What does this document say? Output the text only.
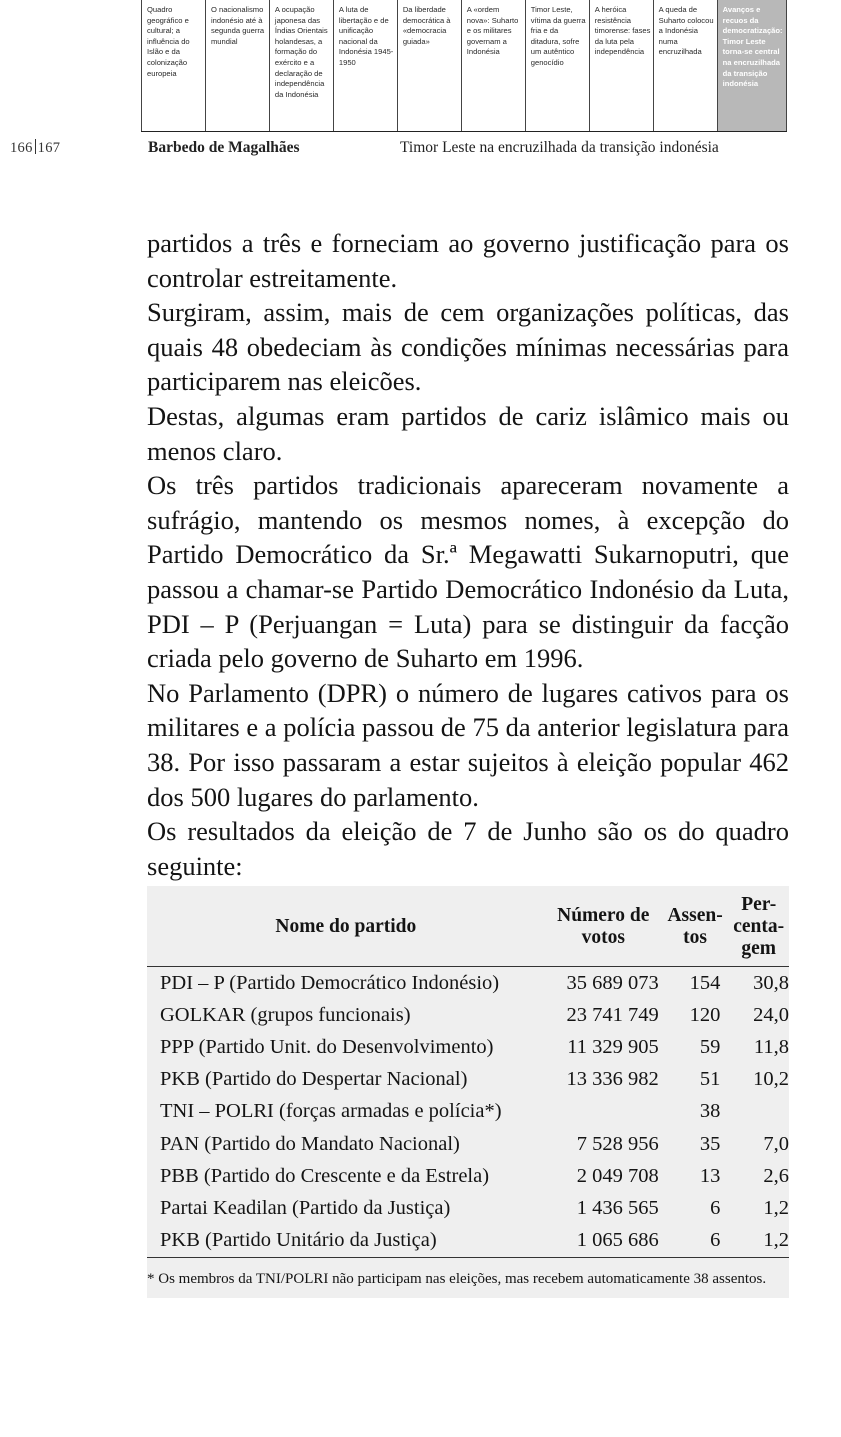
Quadro geográfico e cultural; a influência do Islão e da colonização europeia
O nacionalismo indonésio até à segunda guerra mundial
A ocupação japonesa das Índias Orientais holandesas, a formação do exército e a declaração de independência da Indonésia
A luta de libertação e de unificação nacional da Indonésia 1945-1950
Da liberdade democrática à «democracia guiada»
A «ordem nova»: Suharto e os militares governam a Indonésia
Timor Leste, vítima da guerra fria e da ditadura, sofre um autêntico genocídio
A heróica resistência timorense: fases da luta pela independência
A queda de Suharto colocou a Indonésia numa encruzilhada
Avanços e recuos da democratização: Timor Leste torna-se central na encruzilhada da transição indonésia
166 167	Barbedo de Magalhães	Timor Leste na encruzilhada da transição indonésia

partidos a três e forneciam ao governo justificação para os controlar estreitamente.

Surgiram, assim, mais de cem organizações políticas, das quais 48 obedeciam às condições mínimas necessárias para participarem nas eleicões.

Destas, algumas eram partidos de cariz islâmico mais ou menos claro.

Os três partidos tradicionais apareceram novamente a sufrágio, mantendo os mesmos nomes, à excepção do Partido Democrático da Sr.ª Megawatti Sukarnoputri, que passou a chamar-se Partido Democrático Indonésio da Luta, PDI – P (Perjuangan = Luta) para se distinguir da facção criada pelo governo de Suharto em 1996.

No Parlamento (DPR) o número de lugares cativos para os militares e a polícia passou de 75 da anterior legislatura para 38. Por isso passaram a estar sujeitos à eleição popular 462 dos 500 lugares do parlamento.

Os resultados da eleição de 7 de Junho são os do quadro seguinte:

Nome do partido	Número de votos	Assen-tos	Per-centa-gem
PDI – P (Partido Democrático Indonésio)	35 689 073	154	30,8
GOLKAR (grupos funcionais)	23 741 749	120	24,0
PPP (Partido Unit. do Desenvolvimento)	11 329 905	59	11,8
PKB (Partido do Despertar Nacional)	13 336 982	51	10,2
TNI – POLRI (forças armadas e polícia*)		38	
PAN (Partido do Mandato Nacional)	7 528 956	35	7,0
PBB (Partido do Crescente e da Estrela)	2 049 708	13	2,6
Partai Keadilan (Partido da Justiça)	1 436 565	6	1,2
PKB (Partido Unitário da Justiça)	1 065 686	6	1,2

* Os membros da TNI/POLRI não participam nas eleições, mas recebem automaticamente 38 assentos.
